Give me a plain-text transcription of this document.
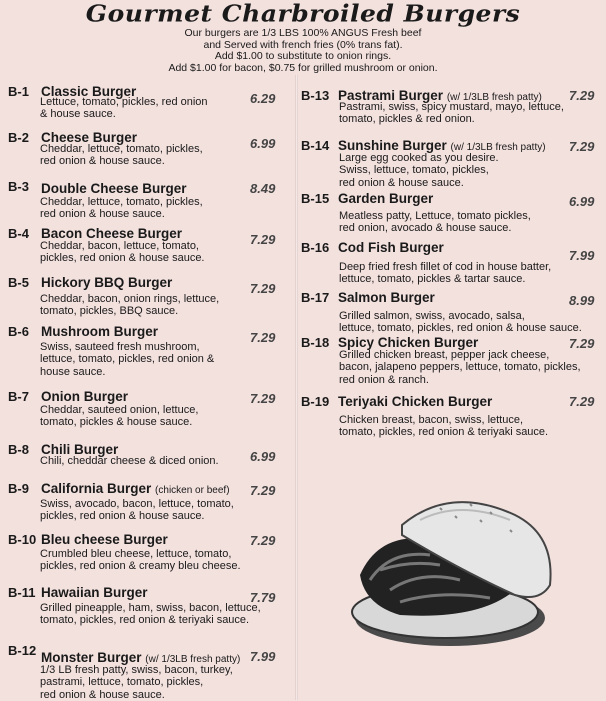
Gourmet Charbroiled Burgers
Our burgers are 1/3 LBS 100% ANGUS Fresh beef
and Served with french fries (0% trans fat).
Add $1.00 to substitute to onion rings.
Add $1.00 for bacon, $0.75 for grilled mushroom or onion.
B-1 Classic Burger	6.29
Lettuce, tomato, pickles, red onion
& house sauce.
B-2 Cheese Burger	6.99
Cheddar, lettuce, tomato, pickles,
red onion & house sauce.
B-3 Double Cheese Burger	8.49
Cheddar, lettuce, tomato, pickles,
red onion & house sauce.
B-4 Bacon Cheese Burger	7.29
Cheddar, bacon, lettuce, tomato,
pickles, red onion & house sauce.
B-5 Hickory BBQ Burger	7.29
Cheddar, bacon, onion rings, lettuce,
tomato, pickles, BBQ sauce.
B-6 Mushroom Burger	7.29
Swiss, sauteed fresh mushroom,
lettuce, tomato, pickles, red onion &
house sauce.
B-7 Onion Burger	7.29
Cheddar, sauteed onion, lettuce,
tomato, pickles & house sauce.
B-8 Chili Burger	6.99
Chili, cheddar cheese & diced onion.
B-9 California Burger (chicken or beef) 7.29
Swiss, avocado, bacon, lettuce, tomato,
pickles, red onion & house sauce.
B-10 Bleu cheese Burger	7.29
Crumbled bleu cheese, lettuce, tomato,
pickles, red onion & creamy bleu cheese.
B-11 Hawaiian Burger	7.79
Grilled pineapple, ham, swiss, bacon, lettuce,
tomato, pickles, red onion & teriyaki sauce.
B-12 Monster Burger (w/ 1/3LB fresh patty) 7.99
1/3 LB fresh patty, swiss, bacon, turkey,
pastrami, lettuce, tomato, pickles,
red onion & house sauce.
B-13 Pastrami Burger (w/ 1/3LB fresh patty) 7.29
Pastrami, swiss, spicy mustard, mayo, lettuce,
tomato, pickles & red onion.
B-14 Sunshine Burger (w/ 1/3LB fresh patty) 7.29
Large egg cooked as you desire.
Swiss, lettuce, tomato, pickles,
red onion & house sauce.
B-15 Garden Burger	6.99
Meatless patty, Lettuce, tomato pickles,
red onion, avocado & house sauce.
B-16 Cod Fish Burger
7.99
Deep fried fresh fillet of cod in house batter,
lettuce, tomato, pickles & tartar sauce.
B-17 Salmon Burger	8.99
Grilled salmon, swiss, avocado, salsa,
lettuce, tomato, pickles, red onion & house sauce.
B-18 Spicy Chicken Burger	7.29
Grilled chicken breast, pepper jack cheese,
bacon, jalapeno peppers, lettuce, tomato, pickles,
red onion & ranch.
B-19 Teriyaki Chicken Burger	7.29
Chicken breast, bacon, swiss, lettuce,
tomato, pickles, red onion & teriyaki sauce.
